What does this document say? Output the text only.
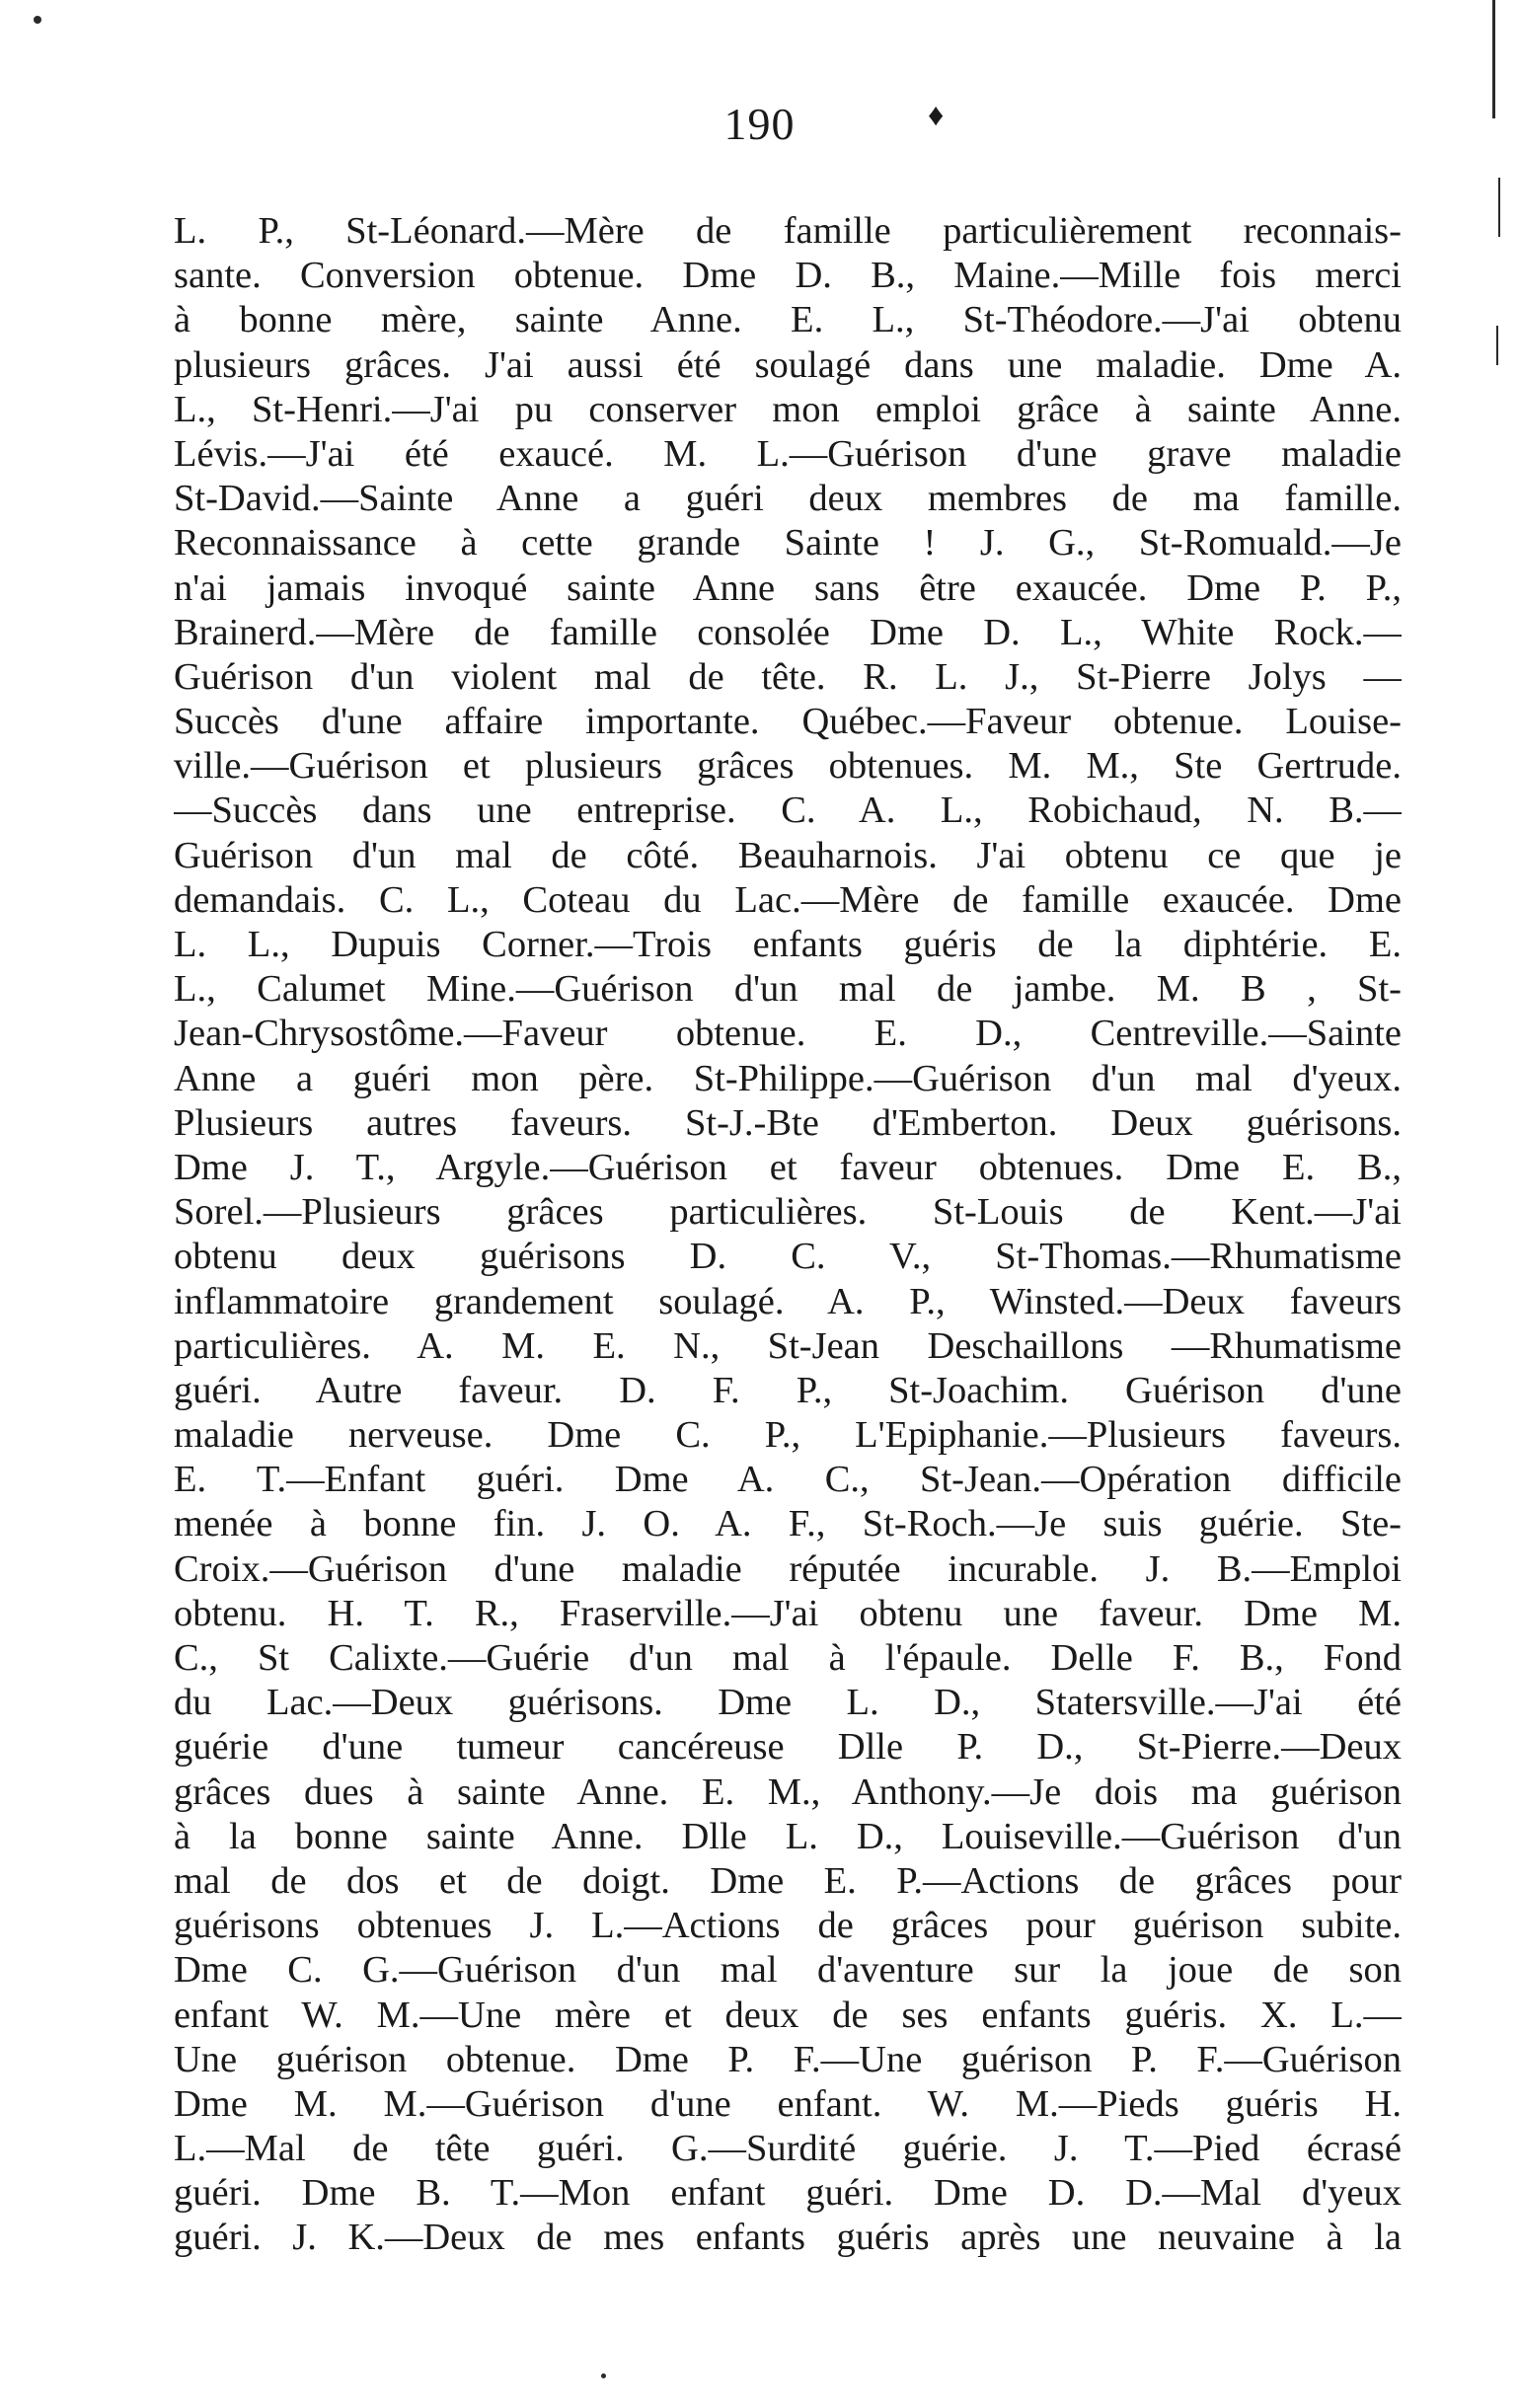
190	♦
L. P., St-Léonard.—Mère de famille particulièrement reconnais-
sante. Conversion obtenue. Dme D. B., Maine.—Mille fois merci
à bonne mère, sainte Anne. E. L., St-Théodore.—J'ai obtenu
plusieurs grâces. J'ai aussi été soulagé dans une maladie. Dme A.
L., St-Henri.—J'ai pu conserver mon emploi grâce à sainte Anne.
Lévis.—J'ai été exaucé. M. L.—Guérison d'une grave maladie
St-David.—Sainte Anne a guéri deux membres de ma famille.
Reconnaissance à cette grande Sainte ! J. G., St-Romuald.—Je
n'ai jamais invoqué sainte Anne sans être exaucée. Dme P. P.,
Brainerd.—Mère de famille consolée Dme D. L., White Rock.—
Guérison d'un violent mal de tête. R. L. J., St-Pierre Jolys —
Succès d'une affaire importante. Québec.—Faveur obtenue. Louise-
ville.—Guérison et plusieurs grâces obtenues. M. M., Ste Gertrude.
—Succès dans une entreprise. C. A. L., Robichaud, N. B.—
Guérison d'un mal de côté. Beauharnois. J'ai obtenu ce que je
demandais. C. L., Coteau du Lac.—Mère de famille exaucée. Dme
L. L., Dupuis Corner.—Trois enfants guéris de la diphtérie. E.
L., Calumet Mine.—Guérison d'un mal de jambe. M. B , St-
Jean-Chrysostôme.—Faveur obtenue. E. D., Centreville.—Sainte
Anne a guéri mon père. St-Philippe.—Guérison d'un mal d'yeux.
Plusieurs autres faveurs. St-J.-Bte d'Emberton. Deux guérisons.
Dme J. T., Argyle.—Guérison et faveur obtenues. Dme E. B.,
Sorel.—Plusieurs grâces particulières. St-Louis de Kent.—J'ai
obtenu deux guérisons D. C. V., St-Thomas.—Rhumatisme
inflammatoire grandement soulagé. A. P., Winsted.—Deux faveurs
particulières. A. M. E. N., St-Jean Deschaillons —Rhumatisme
guéri. Autre faveur. D. F. P., St-Joachim. Guérison d'une
maladie nerveuse. Dme C. P., L'Epiphanie.—Plusieurs faveurs.
E. T.—Enfant guéri. Dme A. C., St-Jean.—Opération difficile
menée à bonne fin. J. O. A. F., St-Roch.—Je suis guérie. Ste-
Croix.—Guérison d'une maladie réputée incurable. J. B.—Emploi
obtenu. H. T. R., Fraserville.—J'ai obtenu une faveur. Dme M.
C., St Calixte.—Guérie d'un mal à l'épaule. Delle F. B., Fond
du Lac.—Deux guérisons. Dme L. D., Statersville.—J'ai été
guérie d'une tumeur cancéreuse Dlle P. D., St-Pierre.—Deux
grâces dues à sainte Anne. E. M., Anthony.—Je dois ma guérison
à la bonne sainte Anne. Dlle L. D., Louiseville.—Guérison d'un
mal de dos et de doigt. Dme E. P.—Actions de grâces pour
guérisons obtenues J. L.—Actions de grâces pour guérison subite.
Dme C. G.—Guérison d'un mal d'aventure sur la joue de son
enfant W. M.—Une mère et deux de ses enfants guéris. X. L.—
Une guérison obtenue. Dme P. F.—Une guérison P. F.—Guérison
Dme M. M.—Guérison d'une enfant. W. M.—Pieds guéris H.
L.—Mal de tête guéri. G.—Surdité guérie. J. T.—Pied écrasé
guéri. Dme B. T.—Mon enfant guéri. Dme D. D.—Mal d'yeux
guéri. J. K.—Deux de mes enfants guéris après une neuvaine à la
